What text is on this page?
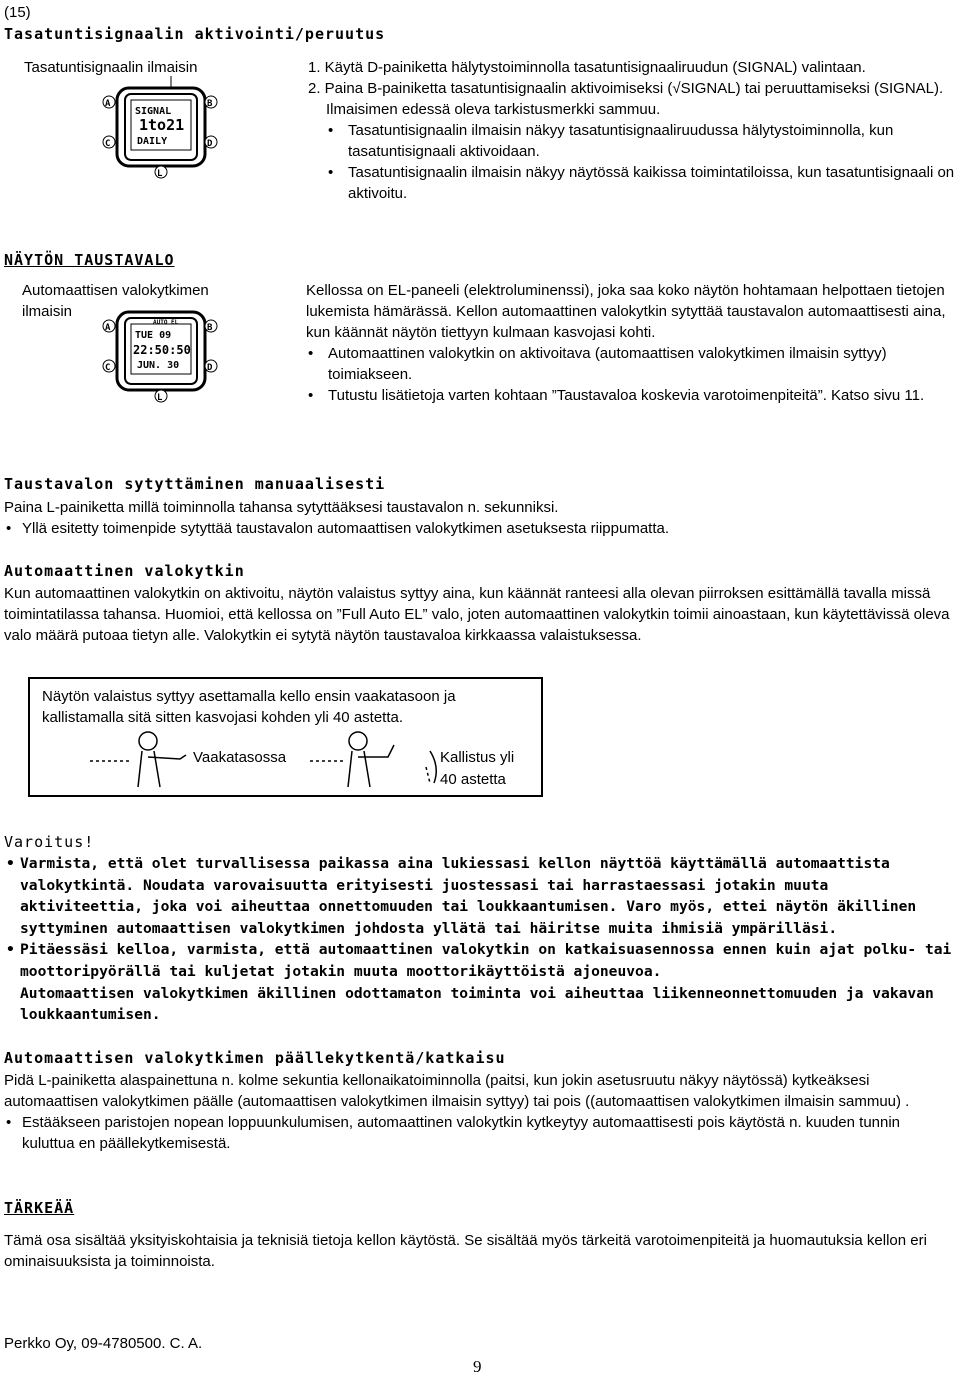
(15)
Tasatuntisignaalin aktivointi/peruutus
Tasatuntisignaalin ilmaisin
SIGNAL
1to21
DAILY
A	B
C	D
L

1. Käytä D-painiketta hälytystoiminnolla tasatuntisignaaliruudun (SIGNAL) valintaan.

2. Paina B-painiketta tasatuntisignaalin aktivoimiseksi (√SIGNAL) tai peruuttamiseksi (SIGNAL). Ilmaisimen edessä oleva tarkistusmerkki sammuu.

• Tasatuntisignaalin ilmaisin näkyy tasatuntisignaaliruudussa hälytystoiminnolla, kun tasatuntisignaali aktivoidaan.

• Tasatuntisignaalin ilmaisin näkyy näytössä kaikissa toimintatiloissa, kun tasatuntisignaali on aktivoitu.

NÄYTÖN TAUSTAVALO
Automaattisen valokytkimen ilmaisin
AUTO EL
TUE 09
22:50:50
JUN. 30
A	B
C	D
L

Kellossa on EL-paneeli (elektroluminenssi), joka saa koko näytön hohtamaan helpottaen tietojen lukemista hämärässä. Kellon automaattinen valokytkin sytyttää taustavalon automaattisesti aina, kun käännät näytön tiettyyn kulmaan kasvojasi kohti.

• Automaattinen valokytkin on aktivoitava (automaattisen valokytkimen ilmaisin syttyy) toimiakseen.

• Tutustu lisätietoja varten kohtaan ”Taustavaloa koskevia varotoimenpiteitä”. Katso sivu 11.

Taustavalon sytyttäminen manuaalisesti

Paina L-painiketta millä toiminnolla tahansa sytyttääksesi taustavalon n. sekunniksi.

• Yllä esitetty toimenpide sytyttää taustavalon automaattisen valokytkimen asetuksesta riippumatta.

Automaattinen valokytkin
Kun automaattinen valokytkin on aktivoitu, näytön valaistus syttyy aina, kun käännät ranteesi alla olevan piirroksen esittämällä tavalla missä toimintatilassa tahansa. Huomioi, että kellossa on ”Full Auto EL” valo, joten automaattinen valokytkin toimii ainoastaan, kun käytettävissä oleva valo määrä putoaa tietyn alle. Valokytkin ei sytytä näytön taustavaloa kirkkaassa valaistuksessa.
Näytön valaistus syttyy asettamalla kello ensin vaakatasoon ja kallistamalla sitä sitten kasvojasi kohden yli 40 astetta.
Vaakatasossa	Kallistus yli
40 astetta
Varoitus!

• Varmista, että olet turvallisessa paikassa aina lukiessasi kellon näyttöä käyttämällä automaattista valokytkintä. Noudata varovaisuutta erityisesti juostessasi tai harrastaessasi jotakin muuta aktiviteettia, joka voi aiheuttaa onnettomuuden tai loukkaantumisen. Varo myös, ettei näytön äkillinen syttyminen automaattisen valokytkimen johdosta yllätä tai häiritse muita ihmisiä ympärilläsi.

• Pitäessäsi kelloa, varmista, että automaattinen valokytkin on katkaisuasennossa ennen kuin ajat polku- tai moottoripyörällä tai kuljetat jotakin muuta moottorikäyttöistä ajoneuvoa.

Automaattisen valokytkimen äkillinen odottamaton toiminta voi aiheuttaa liikenneonnettomuuden ja vakavan loukkaantumisen.

Automaattisen valokytkimen päällekytkentä/katkaisu

Pidä L-painiketta alaspainettuna n. kolme sekuntia kellonaikatoiminnolla (paitsi, kun jokin asetusruutu näkyy näytössä) kytkeäksesi automaattisen valokytkimen päälle (automaattisen valokytkimen ilmaisin syttyy) tai pois ((automaattisen valokytkimen ilmaisin sammuu) .

• Estääkseen paristojen nopean loppuunkulumisen, automaattinen valokytkin kytkeytyy automaattisesti pois käytöstä n. kuuden tunnin kuluttua en päällekytkemisestä.

TÄRKEÄÄ
Tämä osa sisältää yksityiskohtaisia ja teknisiä tietoja kellon käytöstä. Se sisältää myös tärkeitä varotoimenpiteitä ja huomautuksia kellon eri ominaisuuksista ja toiminnoista.
Perkko Oy, 09-4780500. C. A.
9
